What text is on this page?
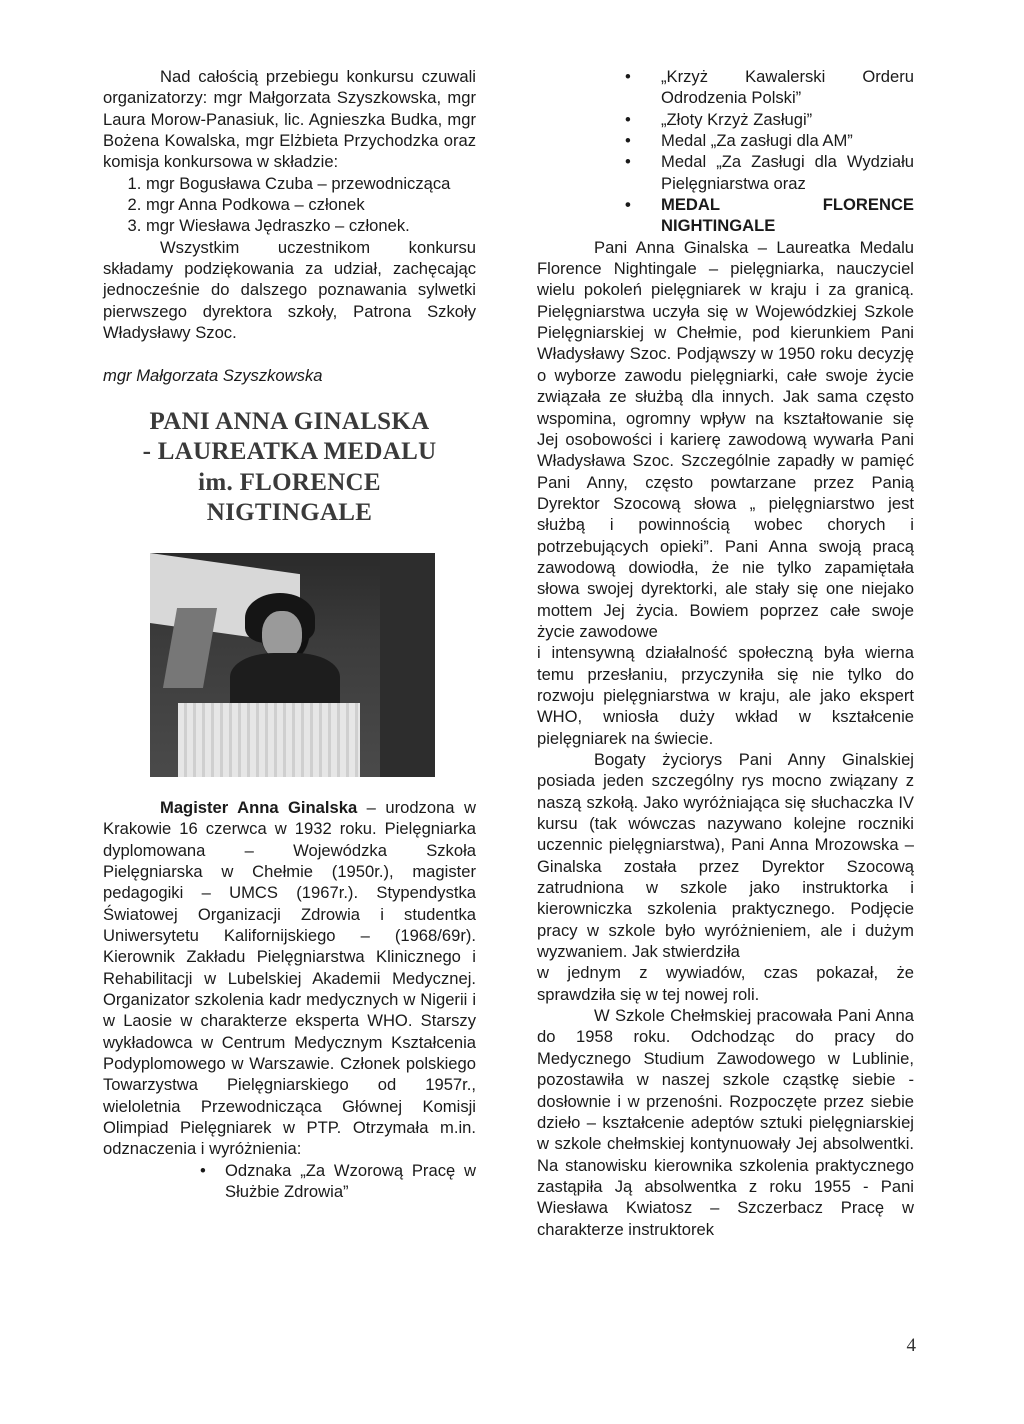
Nad całością przebiegu konkursu czuwali organizatorzy: mgr Małgorzata Szyszkowska, mgr Laura Morow-Panasiuk, lic. Agnieszka Budka, mgr Bożena Kowalska, mgr Elżbieta Przychodzka oraz komisja konkursowa w składzie:

1. mgr Bogusława Czuba – przewodnicząca
2. mgr Anna Podkowa – członek
3. mgr Wiesława Jędraszko – członek.

Wszystkim uczestnikom konkursu składamy podziękowania za udział, zachęcając jednocześnie do dalszego poznawania sylwetki pierwszego dyrektora szkoły, Patrona Szkoły Władysławy Szoc.

mgr Małgorzata Szyszkowska

PANI ANNA GINALSKA
- LAUREATKA MEDALU
im. FLORENCE
NIGTINGALE

Magister Anna Ginalska – urodzona w Krakowie 16 czerwca w 1932 roku. Pielęgniarka dyplomowana – Wojewódzka Szkoła Pielęgniarska w Chełmie (1950r.), magister pedagogiki – UMCS (1967r.). Stypendystka Światowej Organizacji Zdrowia i studentka Uniwersytetu Kalifornijskiego – (1968/69r). Kierownik Zakładu Pielęgniarstwa Klinicznego i Rehabilitacji w Lubelskiej Akademii Medycznej. Organizator szkolenia kadr medycznych w Nigerii i w Laosie w charakterze eksperta WHO. Starszy wykładowca w Centrum Medycznym Kształcenia Podyplomowego w Warszawie. Członek polskiego Towarzystwa Pielęgniarskiego od 1957r., wieloletnia Przewodnicząca Głównej Komisji Olimpiad Pielęgniarek w PTP. Otrzymała m.in. odznaczenia i wyróżnienia:

• Odznaka „Za Wzorową Pracę w Służbie Zdrowia”
• „Krzyż Kawalerski Orderu Odrodzenia Polski”
• „Złoty Krzyż Zasługi”
• Medal „Za zasługi dla AM”
• Medal „Za Zasługi dla Wydziału Pielęgniarstwa oraz
• MEDAL FLORENCE NIGHTINGALE

Pani Anna Ginalska – Laureatka Medalu Florence Nightingale – pielęgniarka, nauczyciel wielu pokoleń pielęgniarek w kraju i za granicą. Pielęgniarstwa uczyła się w Wojewódzkiej Szkole Pielęgniarskiej w Chełmie, pod kierunkiem Pani Władysławy Szoc. Podjąwszy w 1950 roku decyzję o wyborze zawodu pielęgniarki, całe swoje życie związała ze służbą dla innych. Jak sama często wspomina, ogromny wpływ na kształtowanie się Jej osobowości i karierę zawodową wywarła Pani Władysława Szoc. Szczególnie zapadły w pamięć Pani Anny, często powtarzane przez Panią Dyrektor Szocową słowa „ pielęgniarstwo jest służbą i powinnością wobec chorych i potrzebujących opieki”. Pani Anna swoją pracą zawodową dowiodła, że nie tylko zapamiętała słowa swojej dyrektorki, ale stały się one niejako mottem Jej życia. Bowiem poprzez całe swoje życie zawodowe

i intensywną działalność społeczną była wierna temu przesłaniu, przyczyniła się nie tylko do rozwoju pielęgniarstwa w kraju, ale jako ekspert WHO, wniosła duży wkład w kształcenie pielęgniarek na świecie.

Bogaty życiorys Pani Anny Ginalskiej posiada jeden szczególny rys mocno związany z naszą szkołą. Jako wyróżniająca się słuchaczka IV kursu (tak wówczas nazywano kolejne roczniki uczennic pielęgniarstwa), Pani Anna Mrozowska – Ginalska została przez Dyrektor Szocową zatrudniona w szkole jako instruktorka i kierowniczka szkolenia praktycznego. Podjęcie pracy w szkole było wyróżnieniem, ale i dużym wyzwaniem. Jak stwierdziła

w jednym z wywiadów, czas pokazał, że sprawdziła się w tej nowej roli.

W Szkole Chełmskiej pracowała Pani Anna do 1958 roku. Odchodząc do pracy do Medycznego Studium Zawodowego w Lublinie, pozostawiła w naszej szkole cząstkę siebie - dosłownie i w przenośni. Rozpoczęte przez siebie dzieło – kształcenie adeptów sztuki pielęgniarskiej w szkole chełmskiej kontynuowały Jej absolwentki. Na stanowisku kierownika szkolenia praktycznego zastąpiła Ją absolwentka z roku 1955 - Pani Wiesława Kwiatosz – Szczerbacz Pracę w charakterze instruktorek

4
